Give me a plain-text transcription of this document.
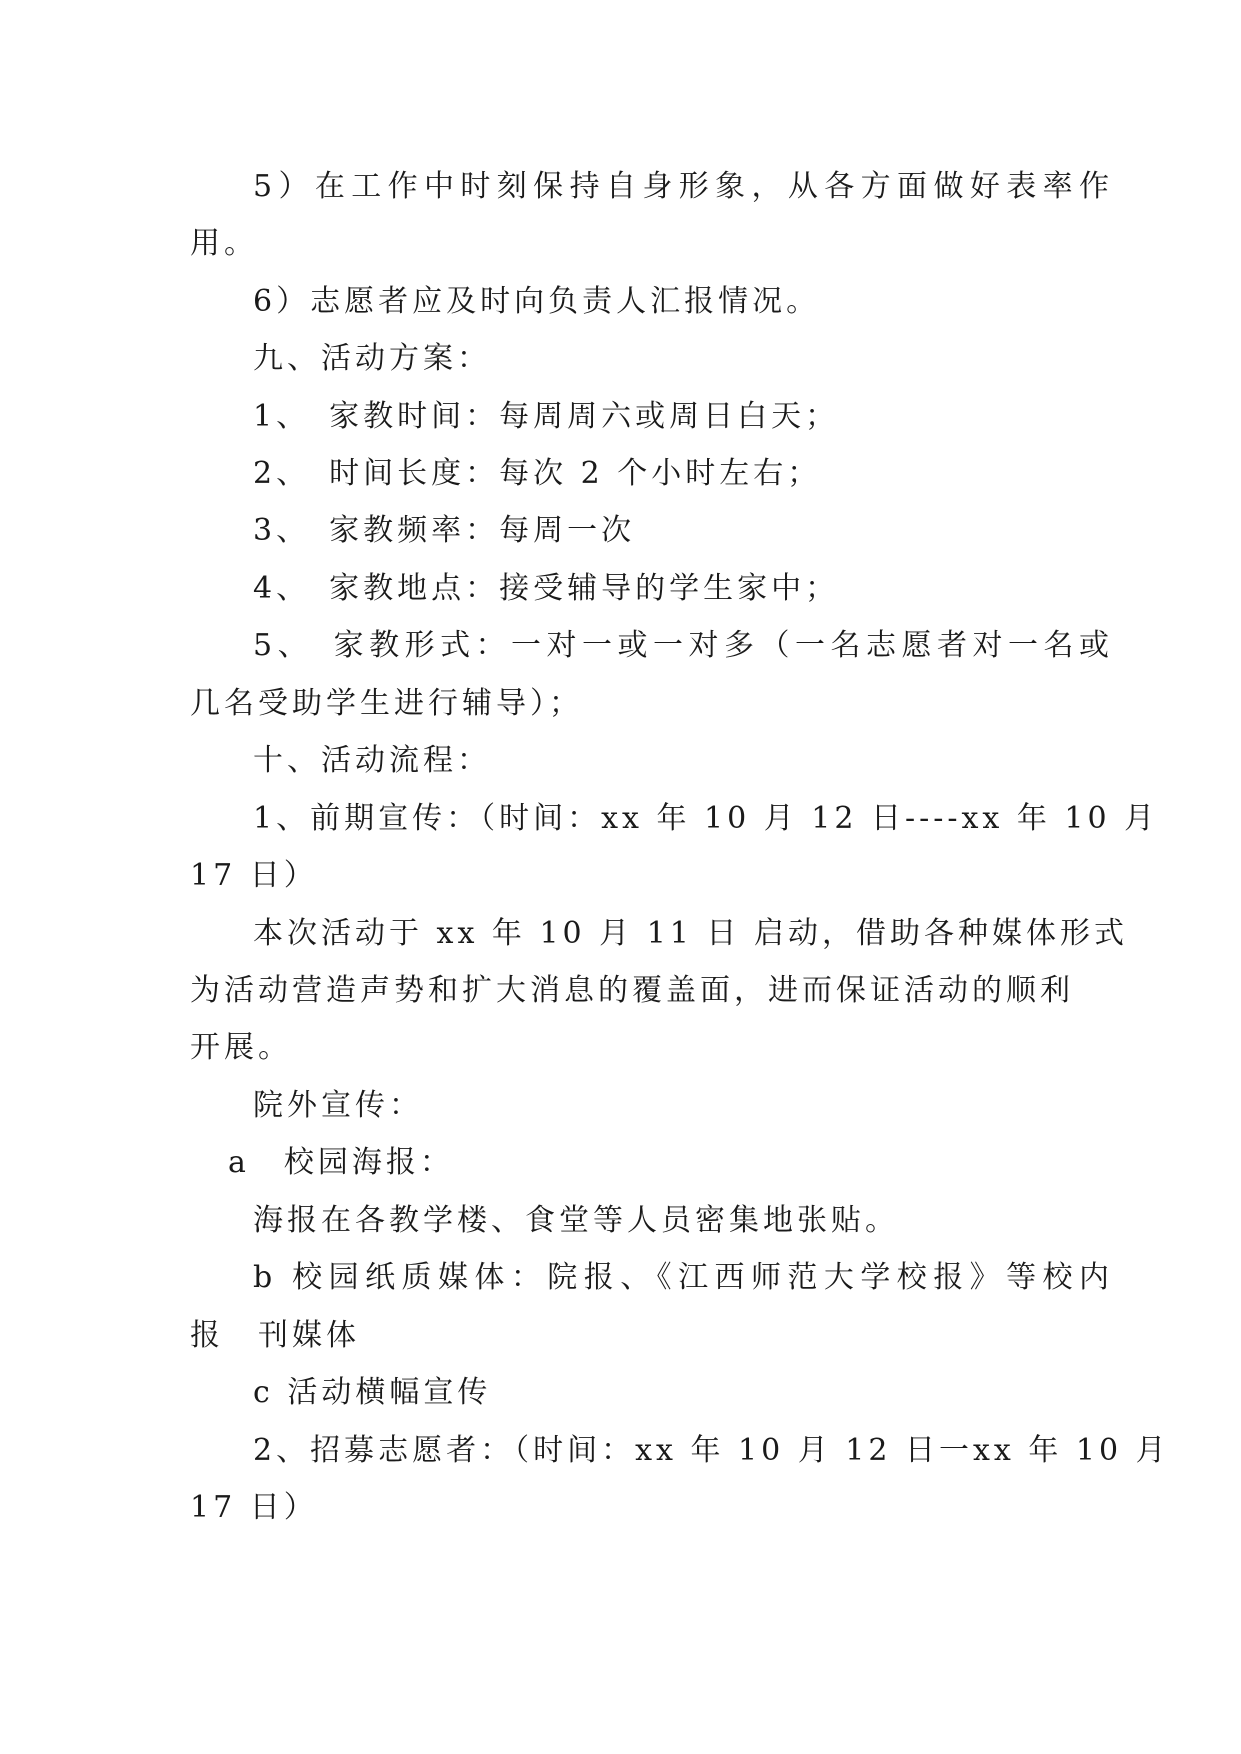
5）在工作中时刻保持自身形象，从各方面做好表率作
用。
6）志愿者应及时向负责人汇报情况。
九、活动方案：
1、　家教时间：每周周六或周日白天；
2、　时间长度：每次 2 个小时左右；
3、　家教频率：每周一次
4、　家教地点：接受辅导的学生家中；
5、　家教形式：一对一或一对多（一名志愿者对一名或
几名受助学生进行辅导）；
十、活动流程：
1、前期宣传：（时间：xx 年 10 月 12 日----xx 年 10 月
17 日）
本次活动于 xx 年 10 月 11 日 启动，借助各种媒体形式
为活动营造声势和扩大消息的覆盖面，进而保证活动的顺利
开展。
院外宣传：
a　校园海报：
海报在各教学楼、食堂等人员密集地张贴。
b 校园纸质媒体：院报、《江西师范大学校报》等校内
报　刊媒体
c 活动横幅宣传
2、招募志愿者：（时间：xx 年 10 月 12 日一xx 年 10 月
17 日）
